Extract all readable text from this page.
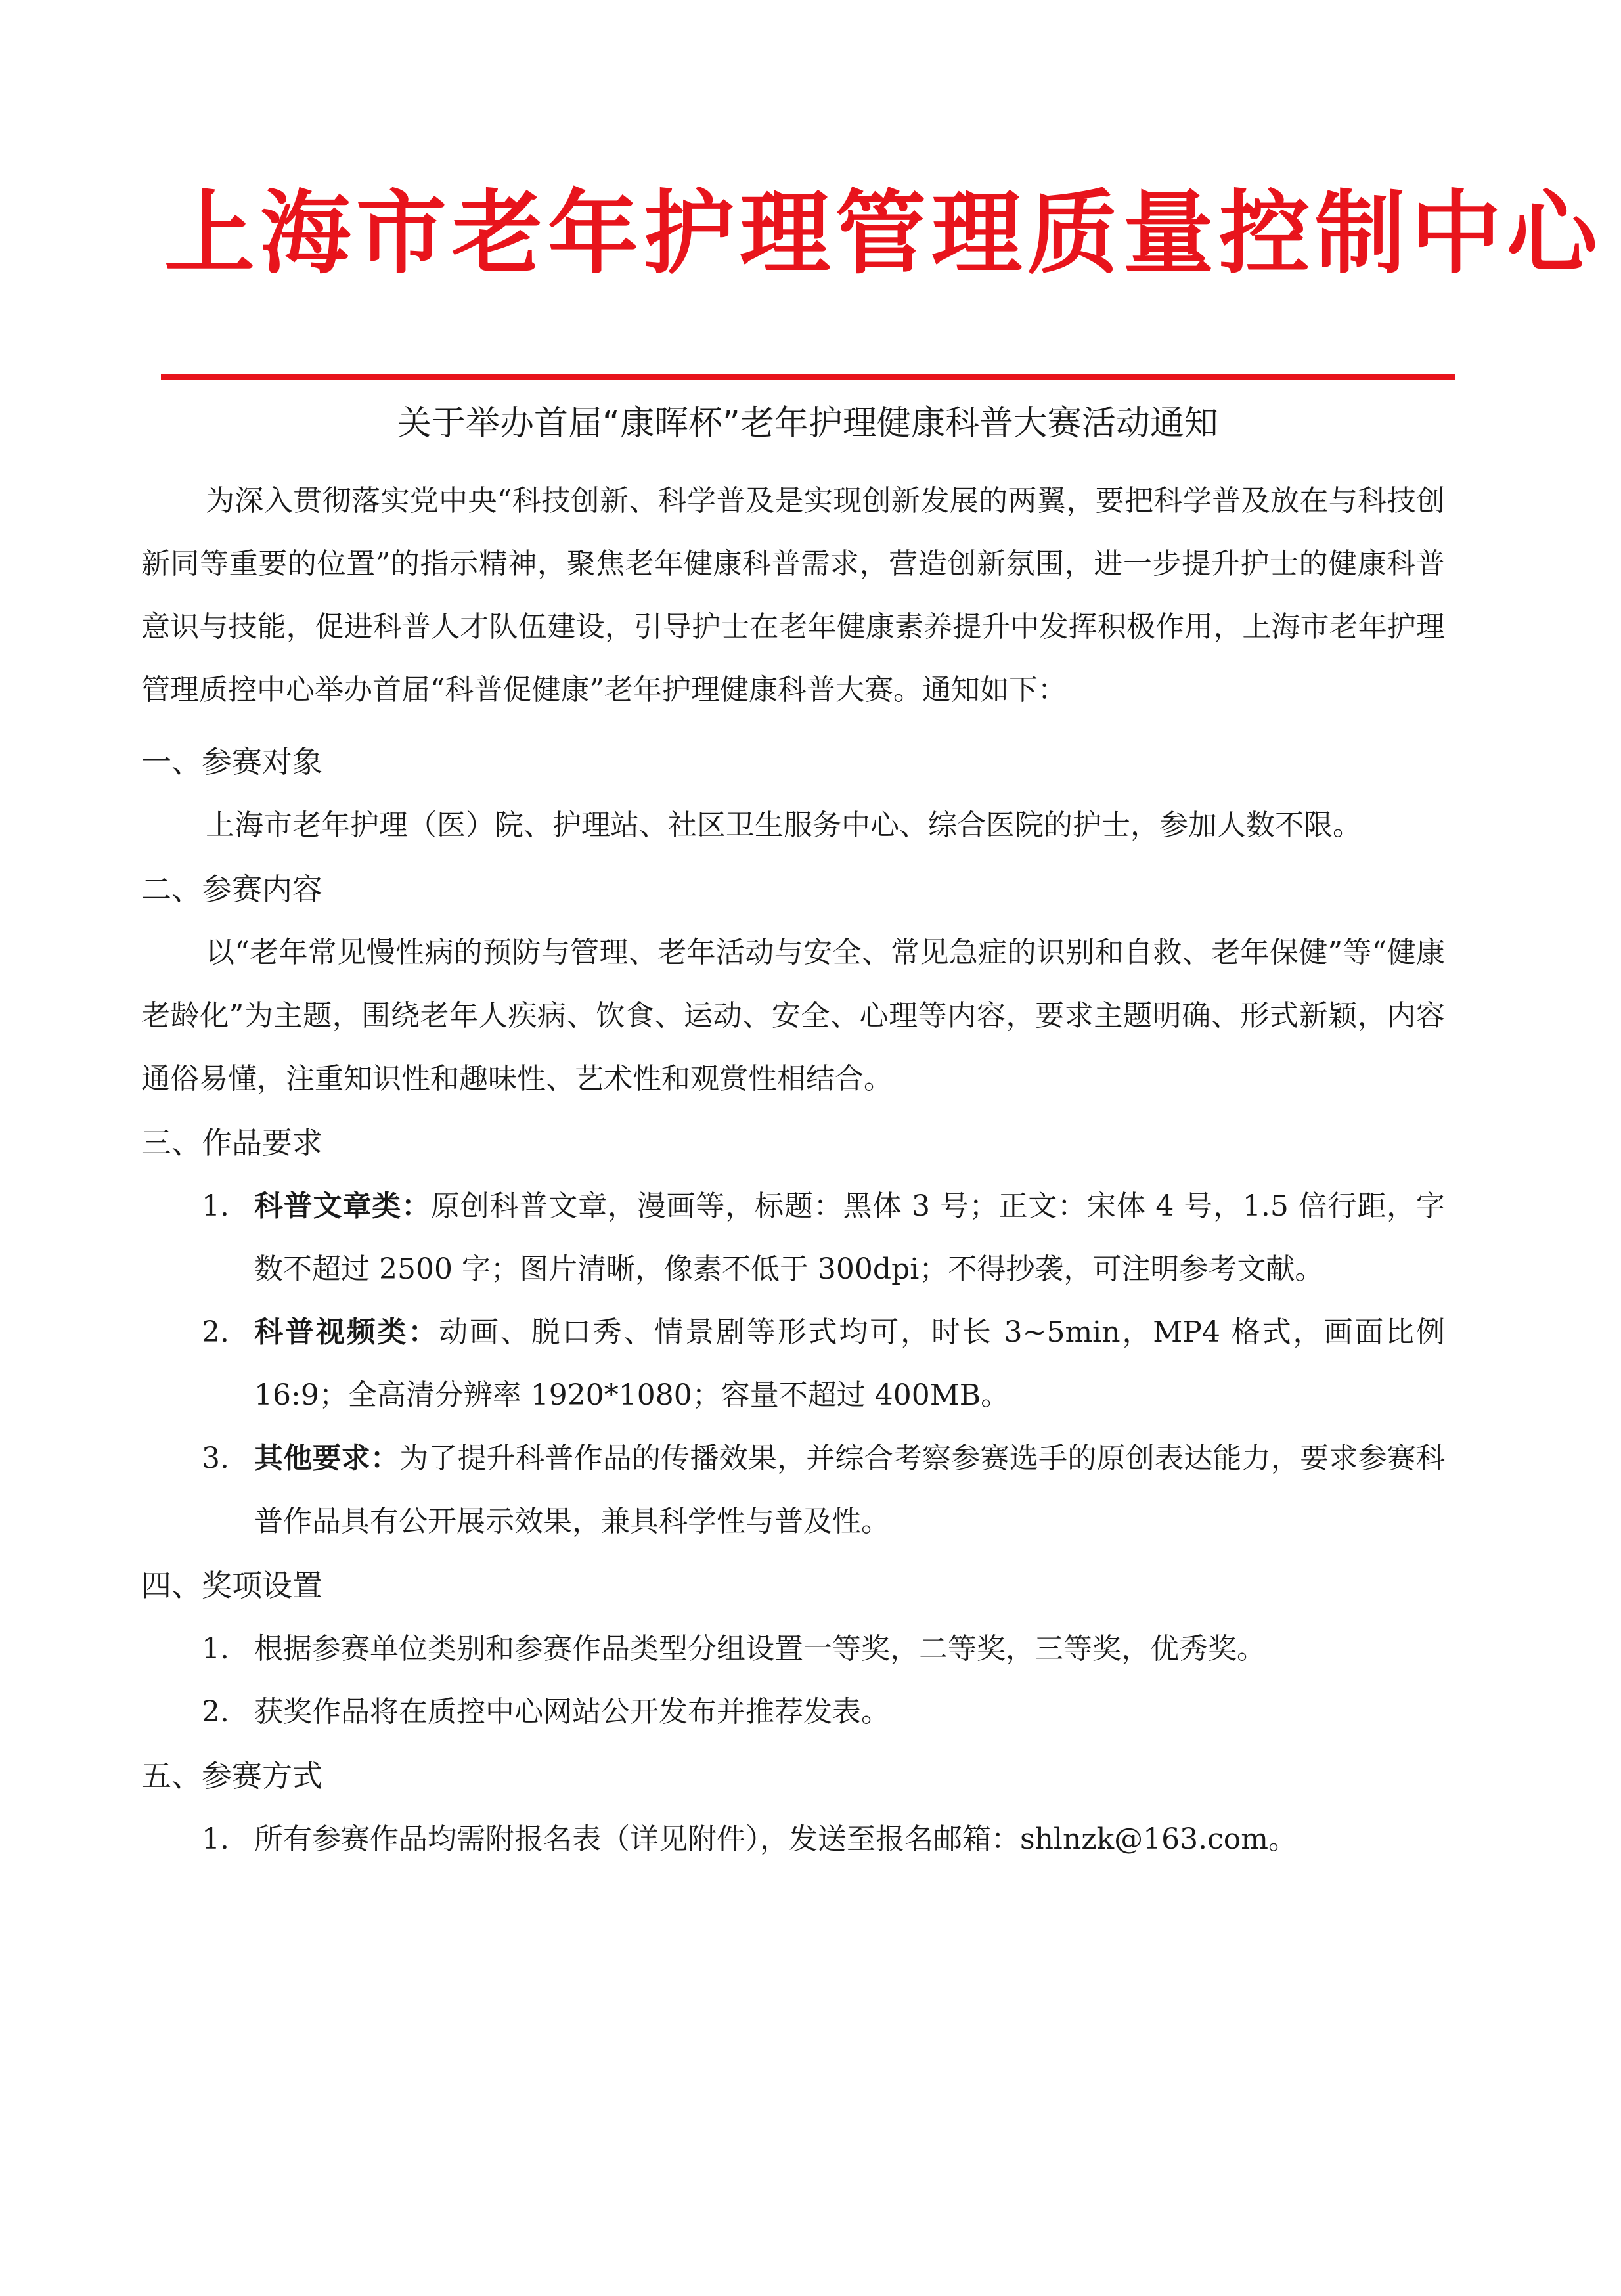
上海市老年护理管理质量控制中心
关于举办首届“康晖杯”老年护理健康科普大赛活动通知

为深入贯彻落实党中央“科技创新、科学普及是实现创新发展的两翼，要把科学普及放在与科技创新同等重要的位置”的指示精神，聚焦老年健康科普需求，营造创新氛围，进一步提升护士的健康科普意识与技能，促进科普人才队伍建设，引导护士在老年健康素养提升中发挥积极作用，上海市老年护理管理质控中心举办首届“科普促健康”老年护理健康科普大赛。通知如下：

一、参赛对象

上海市老年护理（医）院、护理站、社区卫生服务中心、综合医院的护士，参加人数不限。

二、参赛内容

以“老年常见慢性病的预防与管理、老年活动与安全、常见急症的识别和自救、老年保健”等“健康老龄化”为主题，围绕老年人疾病、饮食、运动、安全、心理等内容，要求主题明确、形式新颖，内容通俗易懂，注重知识性和趣味性、艺术性和观赏性相结合。

三、作品要求

1. 科普文章类：原创科普文章，漫画等，标题：黑体 3 号；正文：宋体 4 号，1.5 倍行距，字数不超过 2500 字；图片清晰，像素不低于 300dpi；不得抄袭，可注明参考文献。
2. 科普视频类：动画、脱口秀、情景剧等形式均可，时长 3~5min，MP4 格式，画面比例 16:9；全高清分辨率 1920*1080；容量不超过 400MB。
3. 其他要求：为了提升科普作品的传播效果，并综合考察参赛选手的原创表达能力，要求参赛科普作品具有公开展示效果，兼具科学性与普及性。

四、奖项设置

1. 根据参赛单位类别和参赛作品类型分组设置一等奖，二等奖，三等奖，优秀奖。
2. 获奖作品将在质控中心网站公开发布并推荐发表。

五、参赛方式

1. 所有参赛作品均需附报名表（详见附件），发送至报名邮箱：shlnzk@163.com。
